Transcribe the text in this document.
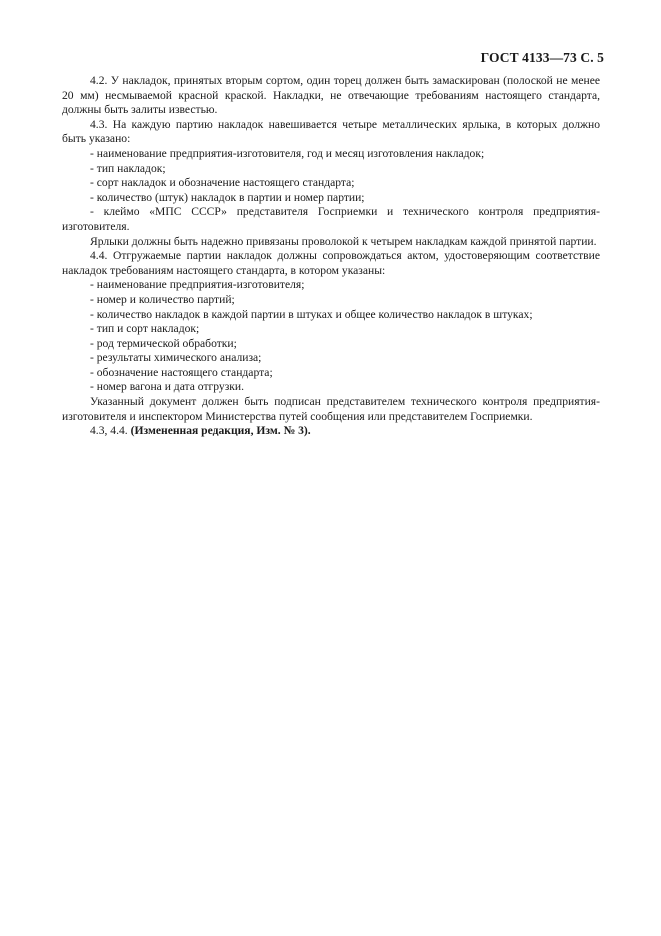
ГОСТ 4133—73 С. 5

4.2. У накладок, принятых вторым сортом, один торец должен быть замаскирован (полоской не менее 20 мм) несмываемой красной краской. Накладки, не отвечающие требованиям настоящего стандарта, должны быть залиты известью.

4.3. На каждую партию накладок навешивается четыре металлических ярлыка, в которых должно быть указано:

- наименование предприятия-изготовителя, год и месяц изготовления накладок;

- тип накладок;

- сорт накладок и обозначение настоящего стандарта;

- количество (штук) накладок в партии и номер партии;

- клеймо «МПС СССР» представителя Госприемки и технического контроля предприятия-изготовителя.

Ярлыки должны быть надежно привязаны проволокой к четырем накладкам каждой принятой партии.

4.4. Отгружаемые партии накладок должны сопровождаться актом, удостоверяющим соответствие накладок требованиям настоящего стандарта, в котором указаны:

- наименование предприятия-изготовителя;

- номер и количество партий;

- количество накладок в каждой партии в штуках и общее количество накладок в штуках;

- тип и сорт накладок;

- род термической обработки;

- результаты химического анализа;

- обозначение настоящего стандарта;

- номер вагона и дата отгрузки.

Указанный документ должен быть подписан представителем технического контроля предприятия-изготовителя и инспектором Министерства путей сообщения или представителем Госприемки.

4.3, 4.4. (Измененная редакция, Изм. № 3).
